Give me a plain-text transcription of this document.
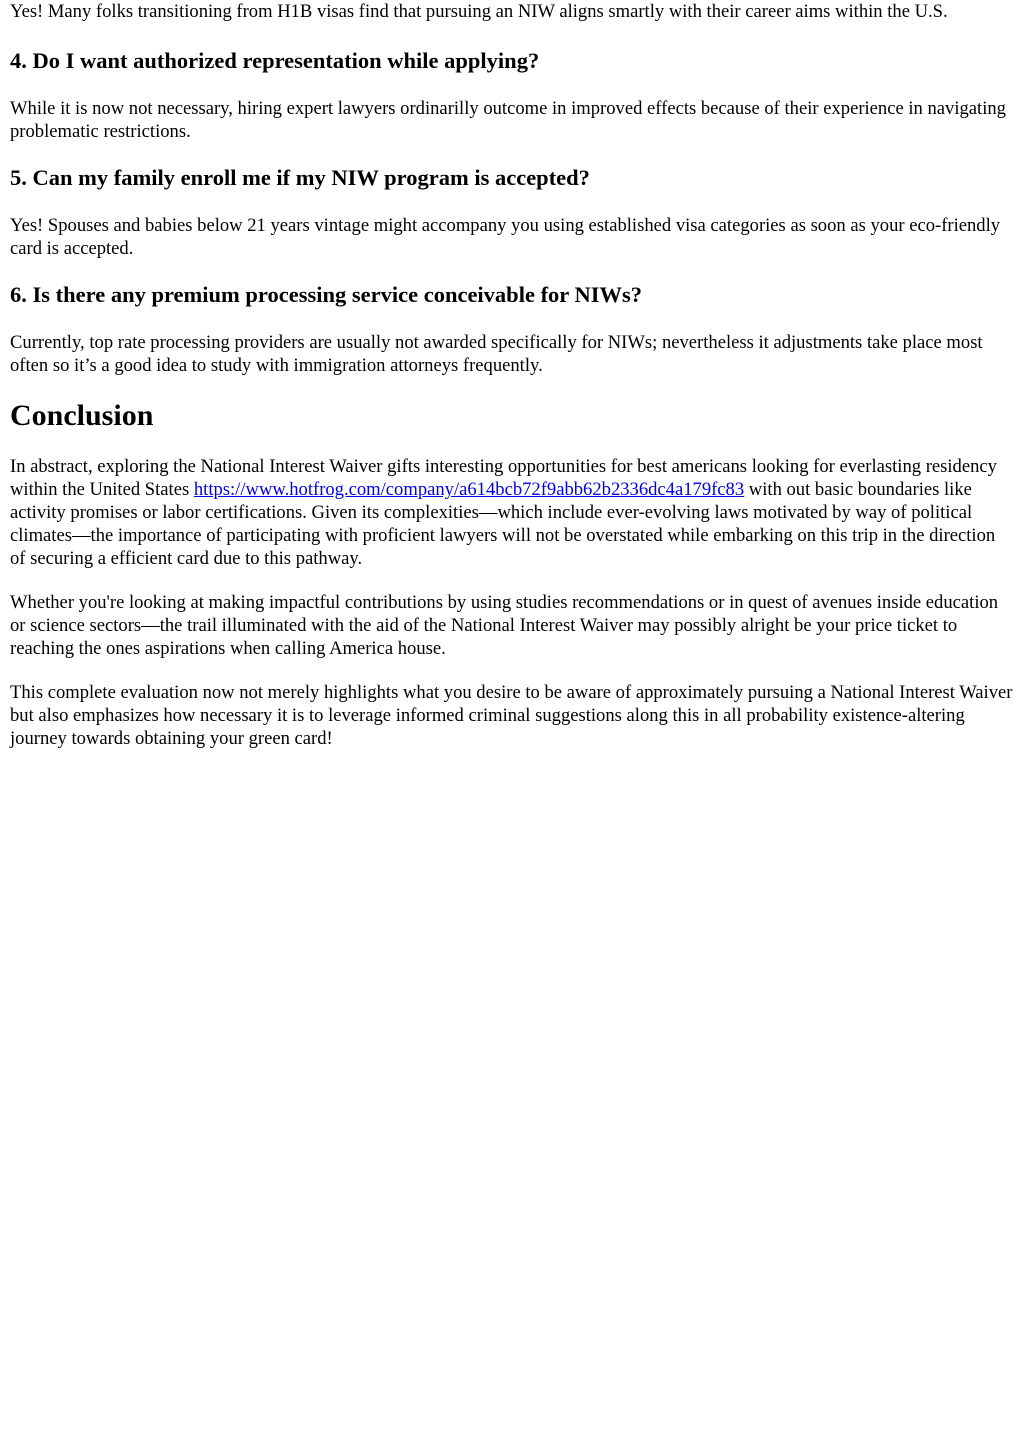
Yes! Many folks transitioning from H1B visas find that pursuing an NIW aligns smartly with their career aims within the U.S.

4. Do I want authorized representation while applying?

While it is now not necessary, hiring expert lawyers ordinarilly outcome in improved effects because of their experience in navigating problematic restrictions.

5. Can my family enroll me if my NIW program is accepted?

Yes! Spouses and babies below 21 years vintage might accompany you using established visa categories as soon as your eco-friendly card is accepted.

6. Is there any premium processing service conceivable for NIWs?

Currently, top rate processing providers are usually not awarded specifically for NIWs; nevertheless it adjustments take place most often so it’s a good idea to study with immigration attorneys frequently.

Conclusion

In abstract, exploring the National Interest Waiver gifts interesting opportunities for best americans looking for everlasting residency within the United States https://www.hotfrog.com/company/a614bcb72f9abb62b2336dc4a179fc83 with out basic boundaries like activity promises or labor certifications. Given its complexities—which include ever-evolving laws motivated by way of political climates—the importance of participating with proficient lawyers will not be overstated while embarking on this trip in the direction of securing a efficient card due to this pathway.

Whether you're looking at making impactful contributions by using studies recommendations or in quest of avenues inside education or science sectors—the trail illuminated with the aid of the National Interest Waiver may possibly alright be your price ticket to reaching the ones aspirations when calling America house.

This complete evaluation now not merely highlights what you desire to be aware of approximately pursuing a National Interest Waiver but also emphasizes how necessary it is to leverage informed criminal suggestions along this in all probability existence-altering journey towards obtaining your green card!
